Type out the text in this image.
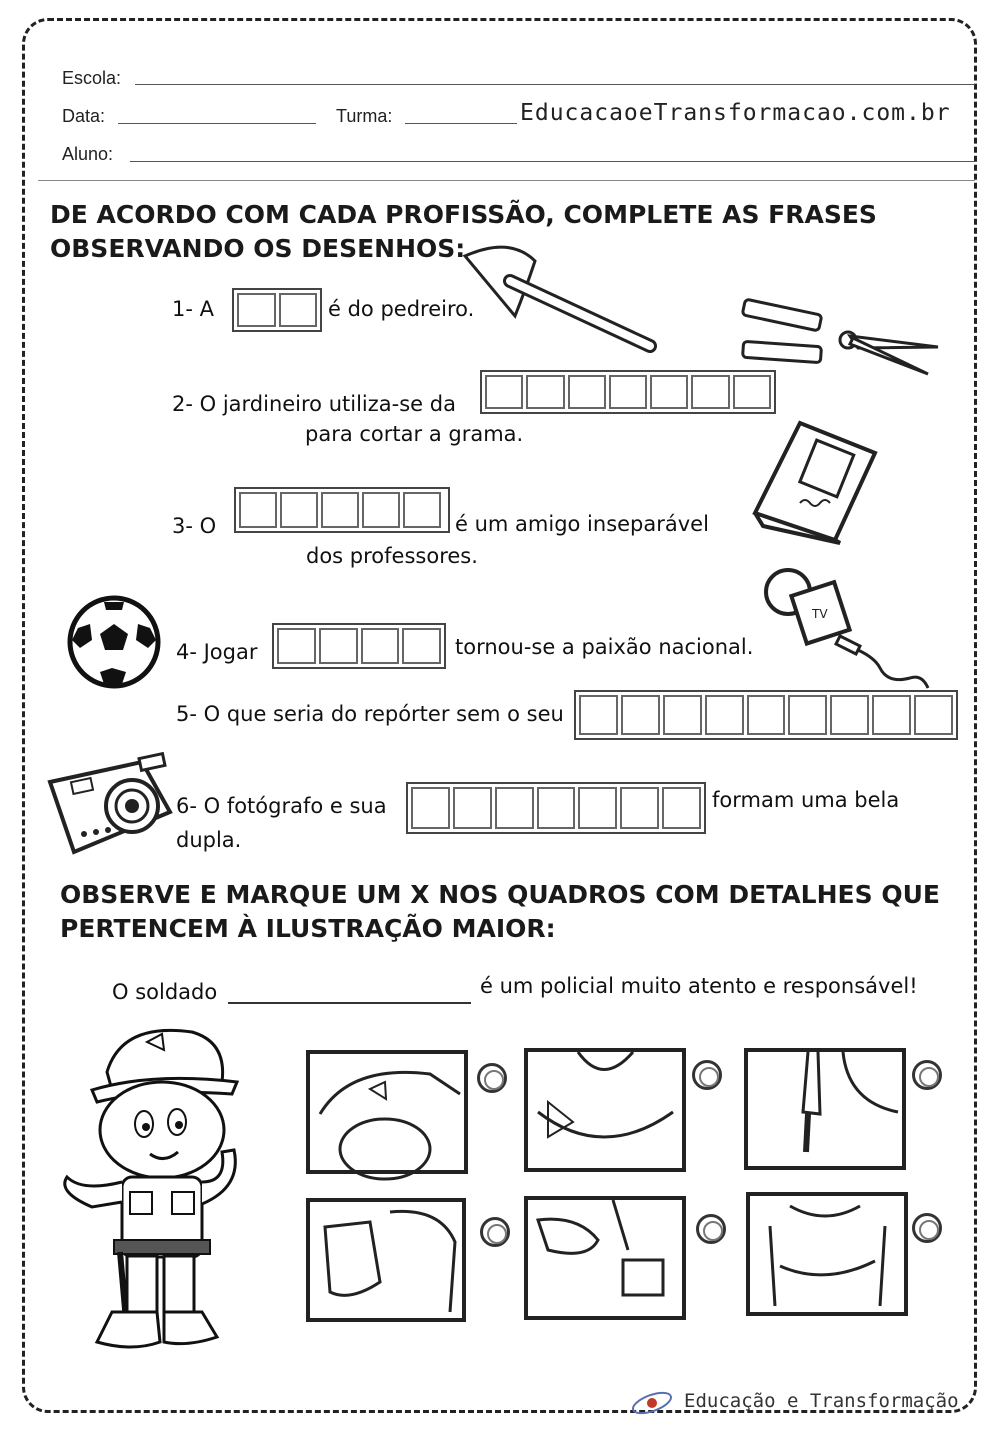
Escola:
Data:	Turma:	EducacaoeTransformacao.com.br
Aluno:
DE ACORDO COM CADA PROFISSÃO, COMPLETE AS FRASES
OBSERVANDO OS DESENHOS:
1- A	é do pedreiro.
2- O jardineiro utiliza-se da
para cortar a grama.
3- O	é um amigo inseparável
dos professores.
TV
4- Jogar	tornou-se a paixão nacional.
5- O que seria do repórter sem o seu
6- O fotógrafo e sua	formam uma bela
dupla.
OBSERVE E MARQUE UM X NOS QUADROS COM DETALHES QUE
PERTENCEM À ILUSTRAÇÃO MAIOR:
O soldado	é um policial muito atento e responsável!
Educação e Transformação
